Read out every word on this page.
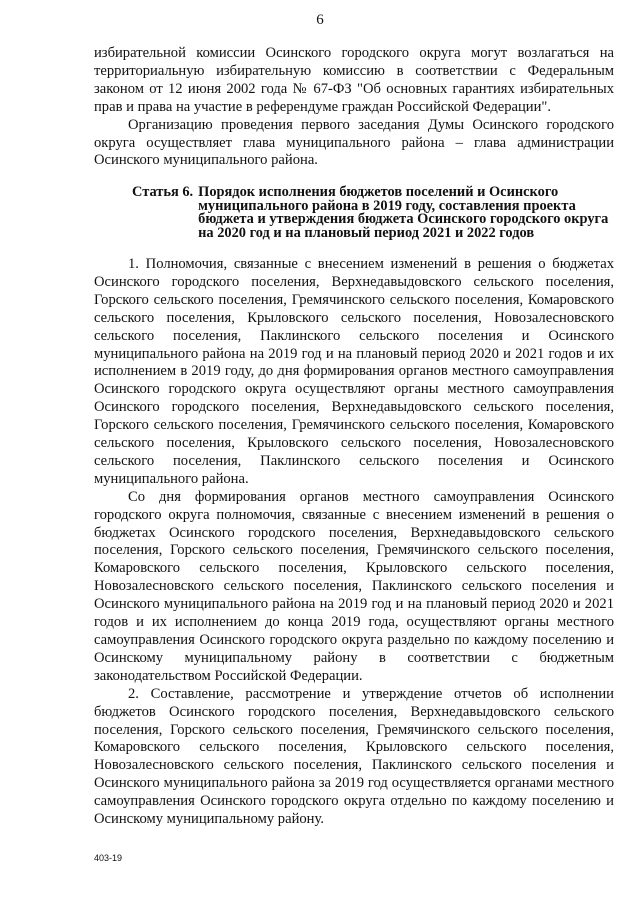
6

избирательной комиссии Осинского городского округа могут возлагаться на территориальную избирательную комиссию в соответствии с Федеральным законом от 12 июня 2002 года № 67-ФЗ "Об основных гарантиях избирательных прав и права на участие в референдуме граждан Российской Федерации".

Организацию проведения первого заседания Думы Осинского городского округа осуществляет глава муниципального района – глава администрации Осинского муниципального района.

Статья 6. Порядок исполнения бюджетов поселений и Осинского муниципального района в 2019 году, составления проекта бюджета и утверждения бюджета Осинского городского округа на 2020 год и на плановый период 2021 и 2022 годов

1. Полномочия, связанные с внесением изменений в решения о бюджетах Осинского городского поселения, Верхнедавыдовского сельского поселения, Горского сельского поселения, Гремячинского сельского поселения, Комаровского сельского поселения, Крыловского сельского поселения, Новозалесновского сельского поселения, Паклинского сельского поселения и Осинского муниципального района на 2019 год и на плановый период 2020 и 2021 годов и их исполнением в 2019 году, до дня формирования органов местного самоуправления Осинского городского округа осуществляют органы местного самоуправления Осинского городского поселения, Верхнедавыдовского сельского поселения, Горского сельского поселения, Гремячинского сельского поселения, Комаровского сельского поселения, Крыловского сельского поселения, Новозалесновского сельского поселения, Паклинского сельского поселения и Осинского муниципального района.

Со дня формирования органов местного самоуправления Осинского городского округа полномочия, связанные с внесением изменений в решения о бюджетах Осинского городского поселения, Верхнедавыдовского сельского поселения, Горского сельского поселения, Гремячинского сельского поселения, Комаровского сельского поселения, Крыловского сельского поселения, Новозалесновского сельского поселения, Паклинского сельского поселения и Осинского муниципального района на 2019 год и на плановый период 2020 и 2021 годов и их исполнением до конца 2019 года, осуществляют органы местного самоуправления Осинского городского округа раздельно по каждому поселению и Осинскому муниципальному району в соответствии с бюджетным законодательством Российской Федерации.

2. Составление, рассмотрение и утверждение отчетов об исполнении бюджетов Осинского городского поселения, Верхнедавыдовского сельского поселения, Горского сельского поселения, Гремячинского сельского поселения, Комаровского сельского поселения, Крыловского сельского поселения, Новозалесновского сельского поселения, Паклинского сельского поселения и Осинского муниципального района за 2019 год осуществляется органами местного самоуправления Осинского городского округа отдельно по каждому поселению и Осинскому муниципальному району.

403-19
